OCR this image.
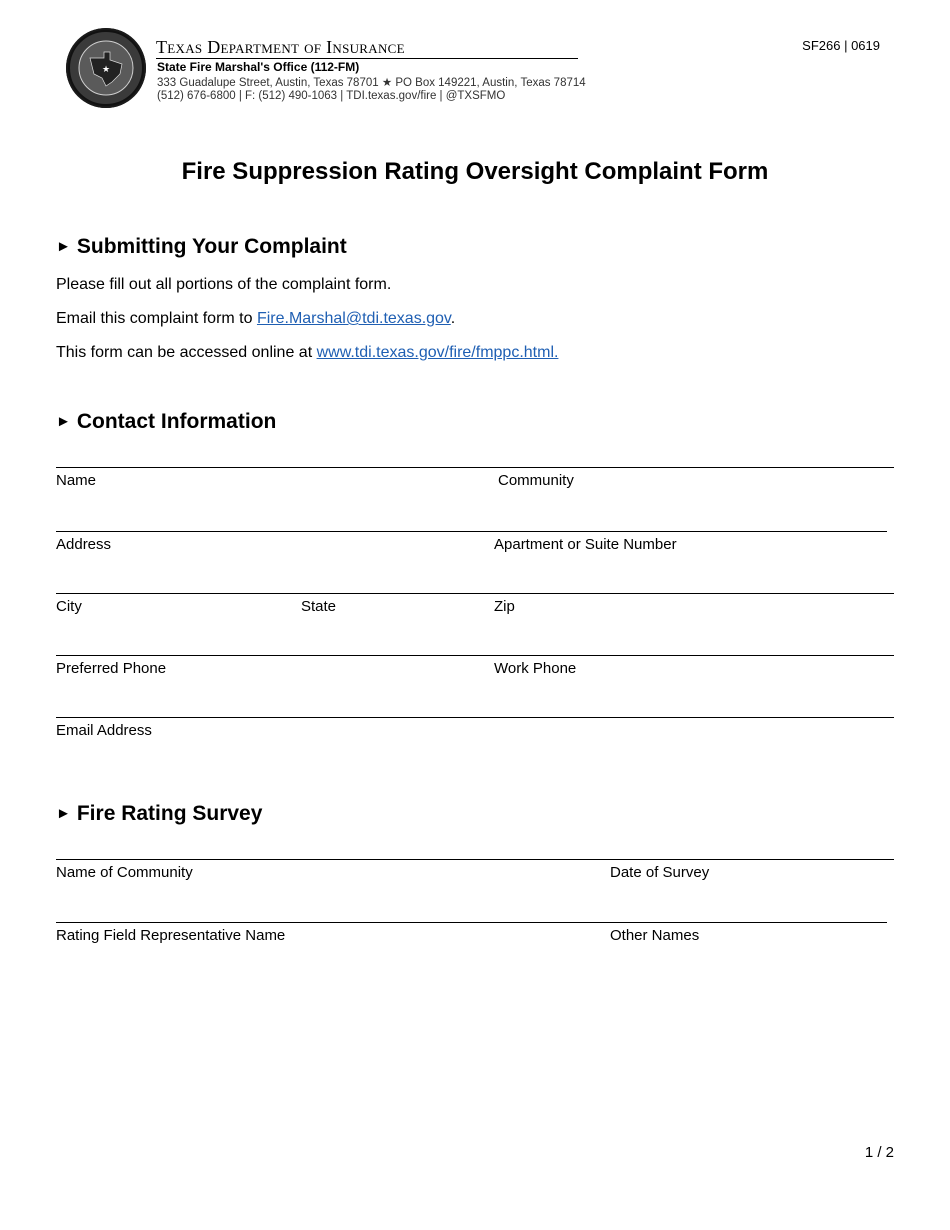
★
Texas Department of Insurance
State Fire Marshal's Office (112-FM)
333 Guadalupe Street, Austin, Texas 78701 ★ PO Box 149221, Austin, Texas 78714
(512) 676-6800 | F: (512) 490-1063 | TDI.texas.gov/fire | @TXSFMO
SF266 | 0619
Fire Suppression Rating Oversight Complaint Form
► Submitting Your Complaint
Please fill out all portions of the complaint form.
Email this complaint form to Fire.Marshal@tdi.texas.gov.
This form can be accessed online at www.tdi.texas.gov/fire/fmppc.html.
► Contact Information
Name	Community
Address	Apartment or Suite Number
City	State	Zip
Preferred Phone	Work Phone
Email Address
► Fire Rating Survey
Name of Community	Date of Survey
Rating Field Representative Name	Other Names
1 / 2
